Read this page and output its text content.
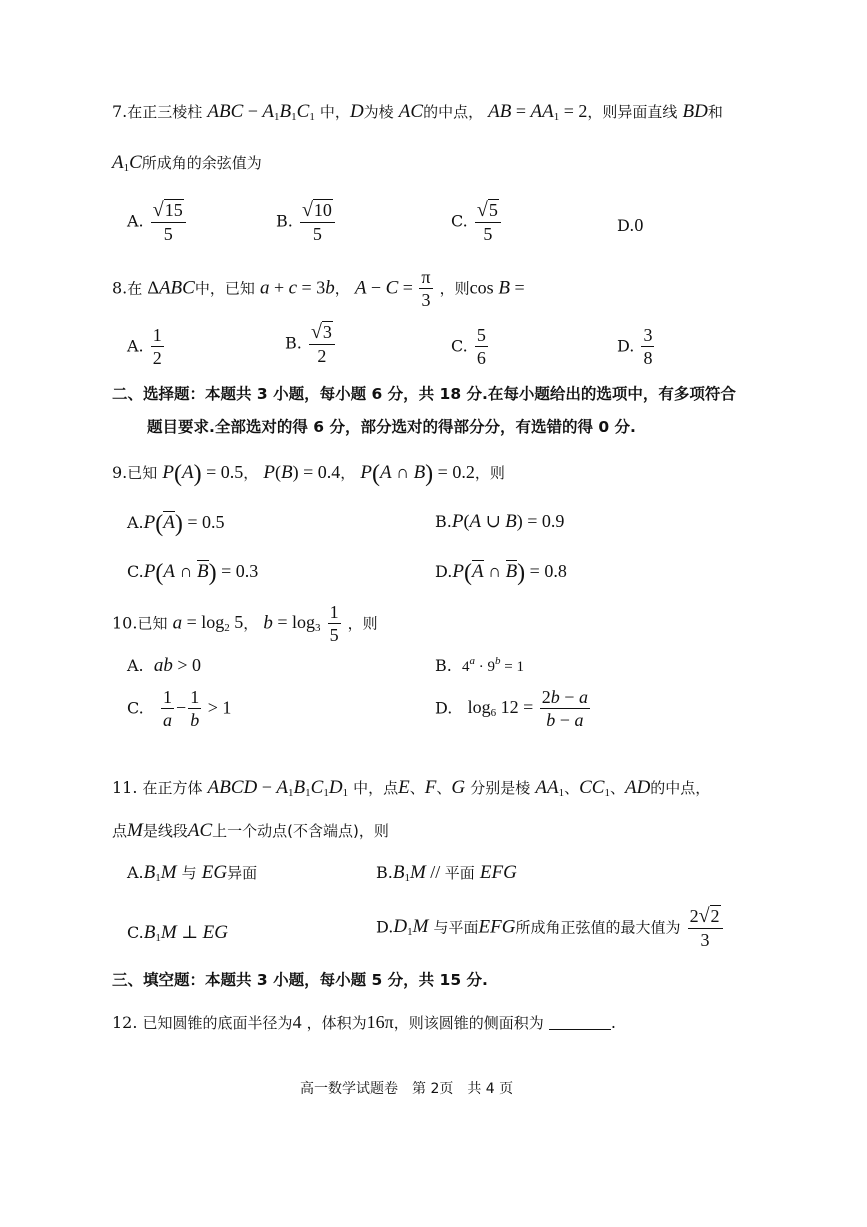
7.在正三棱柱 ABC − $A_1B_1C_1$ 中，D为棱 AC的中点， AB = $AA_1 = 2$，则异面直线 BD和
$A_1C$所成角的余弦值为
A. $\frac{√15}{5}$	B. $\frac{√10}{5}$	C. $\frac{√5}{5}$	D.0
8.在 ΔABC中，已知 a + c = 3b， $A - C = \frac{\pi}{3}$ ，则cos B =
A. $\frac{1}{2}$	B. $\frac{√3}{2}$	C. $\frac{5}{6}$	D. $\frac{3}{8}$
二、选择题：本题共 3 小题，每小题 6 分，共 18 分.在每小题给出的选项中，有多项符合
题目要求.全部选对的得 6 分，部分选对的得部分分，有选错的得 0 分.
9.已知 P(A) = 0.5， P(B) = 0.4， P(A ∩ B) = 0.2，则
A.P(A) = 0.5	B.P(A ∪ B) = 0.9
C.P(A ∩ B) = 0.3	D.P(A ∩ B) = 0.8
10.已知 $a = \log_2 5$， $b = \log_3 \frac{1}{5}$ ，则
A. ab > 0	B. $4^a \cdot 9^b = 1$
C. $\frac{1}{a} - \frac{1}{b} > 1$	D. $\log_6 12 = \frac{2b - a}{b - a}$
11. 在正方体 ABCD − $A_1B_1C_1D_1$ 中，点E、F、G 分别是棱 $AA_1$、$CC_1$、AD的中点，
点M是线段AC上一个动点(不含端点)，则
$A.B_1M$ 与 EG异面	$B.B_1M$ // 平面 EFG
$C.B_1M$ ⊥ EG	$D.D_1M$ 与平面EFG所成角正弦值的最大值为 $\frac{2√2}{3}$
三、填空题：本题共 3 小题，每小题 5 分，共 15 分.
12. 已知圆锥的底面半径为4 ，体积为16π，则该圆锥的侧面积为	.
高一数学试题卷　第 2页　共 4 页
